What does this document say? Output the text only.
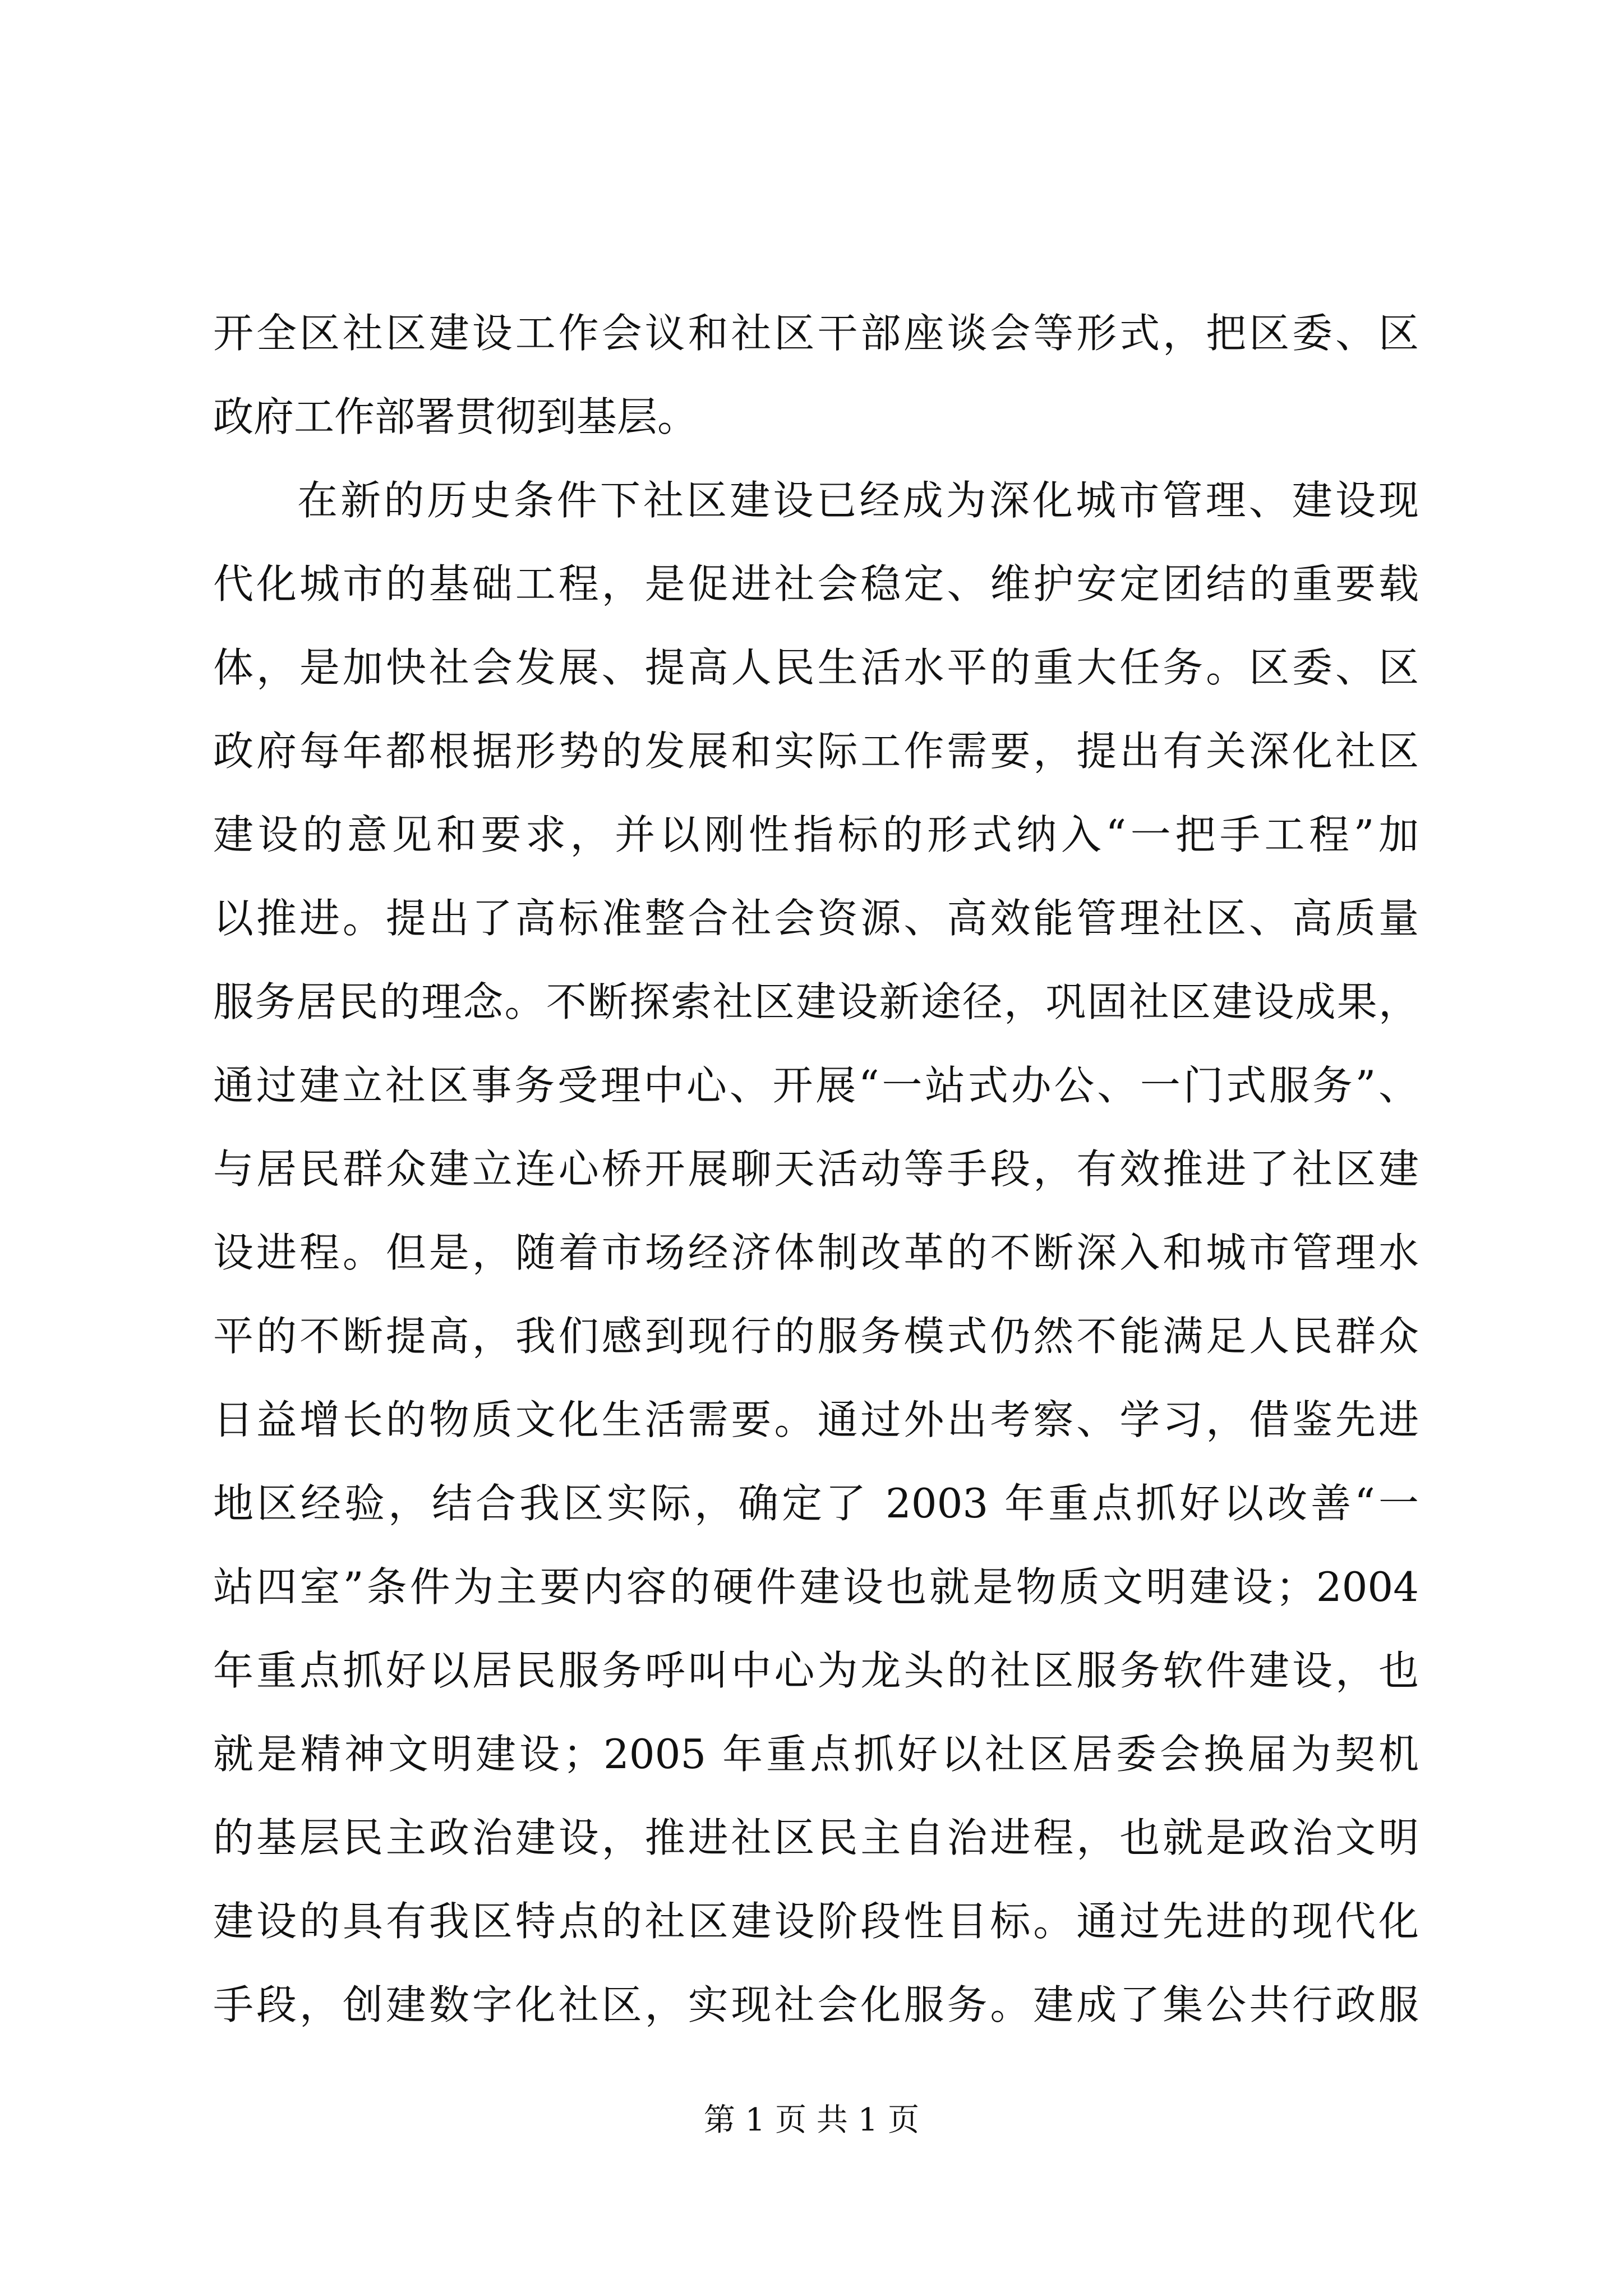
开全区社区建设工作会议和社区干部座谈会等形式，把区委、区
政府工作部署贯彻到基层。
在新的历史条件下社区建设已经成为深化城市管理、建设现
代化城市的基础工程，是促进社会稳定、维护安定团结的重要载
体，是加快社会发展、提高人民生活水平的重大任务。区委、区
政府每年都根据形势的发展和实际工作需要，提出有关深化社区
建设的意见和要求，并以刚性指标的形式纳入“一把手工程”加
以推进。提出了高标准整合社会资源、高效能管理社区、高质量
服务居民的理念。不断探索社区建设新途径，巩固社区建设成果，
通过建立社区事务受理中心、开展“一站式办公、一门式服务”、
与居民群众建立连心桥开展聊天活动等手段，有效推进了社区建
设进程。但是，随着市场经济体制改革的不断深入和城市管理水
平的不断提高，我们感到现行的服务模式仍然不能满足人民群众
日益增长的物质文化生活需要。通过外出考察、学习，借鉴先进
地区经验，结合我区实际，确定了 2003 年重点抓好以改善“一
站四室”条件为主要内容的硬件建设也就是物质文明建设；2004
年重点抓好以居民服务呼叫中心为龙头的社区服务软件建设，也
就是精神文明建设；2005 年重点抓好以社区居委会换届为契机
的基层民主政治建设，推进社区民主自治进程，也就是政治文明
建设的具有我区特点的社区建设阶段性目标。通过先进的现代化
手段，创建数字化社区，实现社会化服务。建成了集公共行政服
第 1 页 共 1 页
